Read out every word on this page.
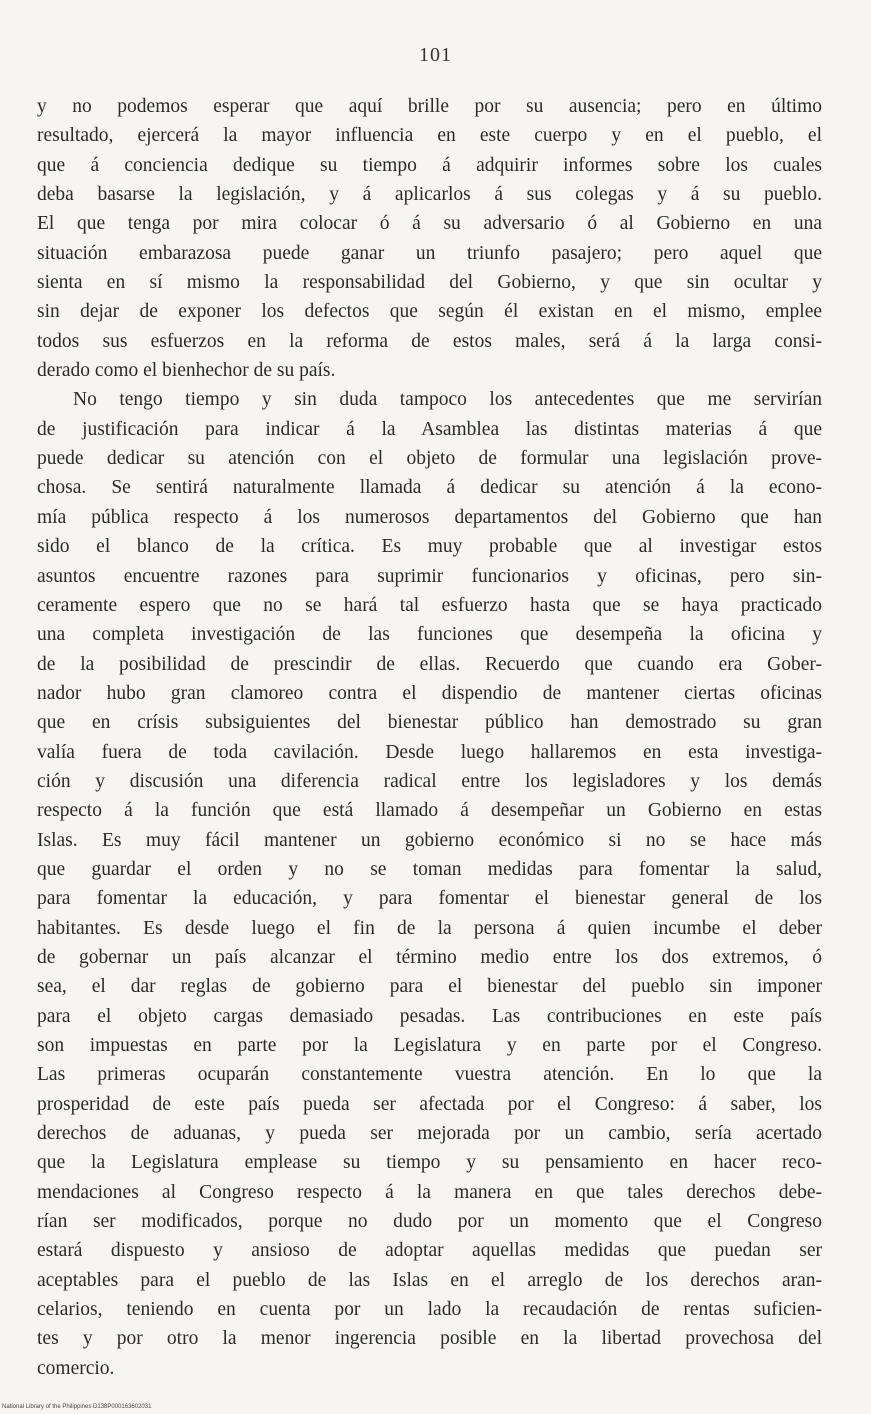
101
y no podemos esperar que aquí brille por su ausencia; pero en último
resultado, ejercerá la mayor influencia en este cuerpo y en el pueblo, el
que á conciencia dedique su tiempo á adquirir informes sobre los cuales
deba basarse la legislación, y á aplicarlos á sus colegas y á su pueblo.
El que tenga por mira colocar ó á su adversario ó al Gobierno en una
situación embarazosa puede ganar un triunfo pasajero; pero aquel que
sienta en sí mismo la responsabilidad del Gobierno, y que sin ocultar y
sin dejar de exponer los defectos que según él existan en el mismo, emplee
todos sus esfuerzos en la reforma de estos males, será á la larga consi-
derado como el bienhechor de su país.
No tengo tiempo y sin duda tampoco los antecedentes que me servirían
de justificación para indicar á la Asamblea las distintas materias á que
puede dedicar su atención con el objeto de formular una legislación prove-
chosa. Se sentirá naturalmente llamada á dedicar su atención á la econo-
mía pública respecto á los numerosos departamentos del Gobierno que han
sido el blanco de la crítica. Es muy probable que al investigar estos
asuntos encuentre razones para suprimir funcionarios y oficinas, pero sin-
ceramente espero que no se hará tal esfuerzo hasta que se haya practicado
una completa investigación de las funciones que desempeña la oficina y
de la posibilidad de prescindir de ellas. Recuerdo que cuando era Gober-
nador hubo gran clamoreo contra el dispendio de mantener ciertas oficinas
que en crísis subsiguientes del bienestar público han demostrado su gran
valía fuera de toda cavilación. Desde luego hallaremos en esta investiga-
ción y discusión una diferencia radical entre los legisladores y los demás
respecto á la función que está llamado á desempeñar un Gobierno en estas
Islas. Es muy fácil mantener un gobierno económico si no se hace más
que guardar el orden y no se toman medidas para fomentar la salud,
para fomentar la educación, y para fomentar el bienestar general de los
habitantes. Es desde luego el fin de la persona á quien incumbe el deber
de gobernar un país alcanzar el término medio entre los dos extremos, ó
sea, el dar reglas de gobierno para el bienestar del pueblo sin imponer
para el objeto cargas demasiado pesadas. Las contribuciones en este país
son impuestas en parte por la Legislatura y en parte por el Congreso.
Las primeras ocuparán constantemente vuestra atención. En lo que la
prosperidad de este país pueda ser afectada por el Congreso: á saber, los
derechos de aduanas, y pueda ser mejorada por un cambio, sería acertado
que la Legislatura emplease su tiempo y su pensamiento en hacer reco-
mendaciones al Congreso respecto á la manera en que tales derechos debe-
rían ser modificados, porque no dudo por un momento que el Congreso
estará dispuesto y ansioso de adoptar aquellas medidas que puedan ser
aceptables para el pueblo de las Islas en el arreglo de los derechos aran-
celarios, teniendo en cuenta por un lado la recaudación de rentas suficien-
tes y por otro la menor ingerencia posible en la libertad provechosa del
comercio.
National Library of the Philippines D138P000163602031
